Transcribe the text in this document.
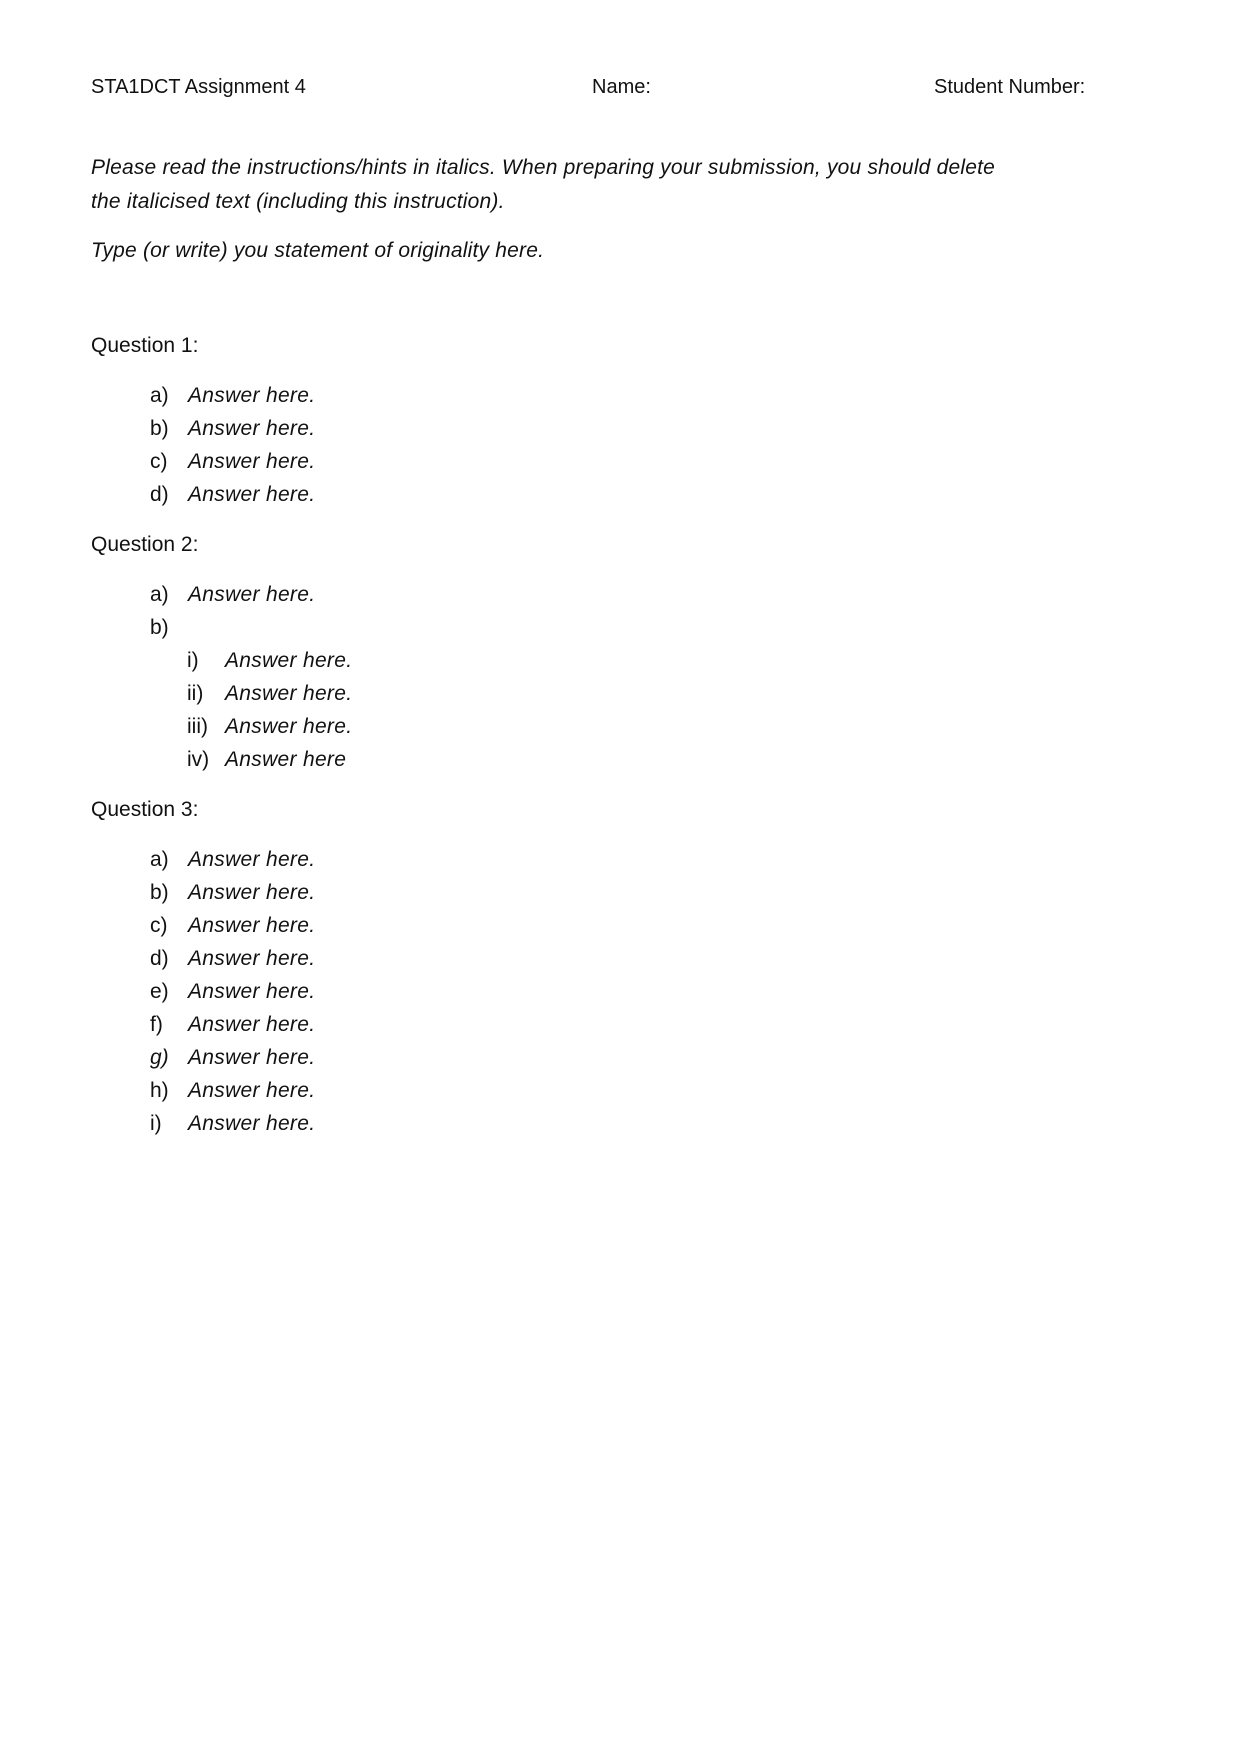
STA1DCT Assignment 4	Name:	Student Number:

Please read the instructions/hints in italics. When preparing your submission, you should delete

the italicised text (including this instruction).

Type (or write) you statement of originality here.

Question 1:
a) Answer here.
b) Answer here.
c) Answer here.
d) Answer here.
Question 2:
a) Answer here.
b)
i) Answer here.
ii) Answer here.
iii) Answer here.
iv) Answer here
Question 3:
a) Answer here.
b) Answer here.
c) Answer here.
d) Answer here.
e) Answer here.
f) Answer here.
g) Answer here.
h) Answer here.
i) Answer here.
